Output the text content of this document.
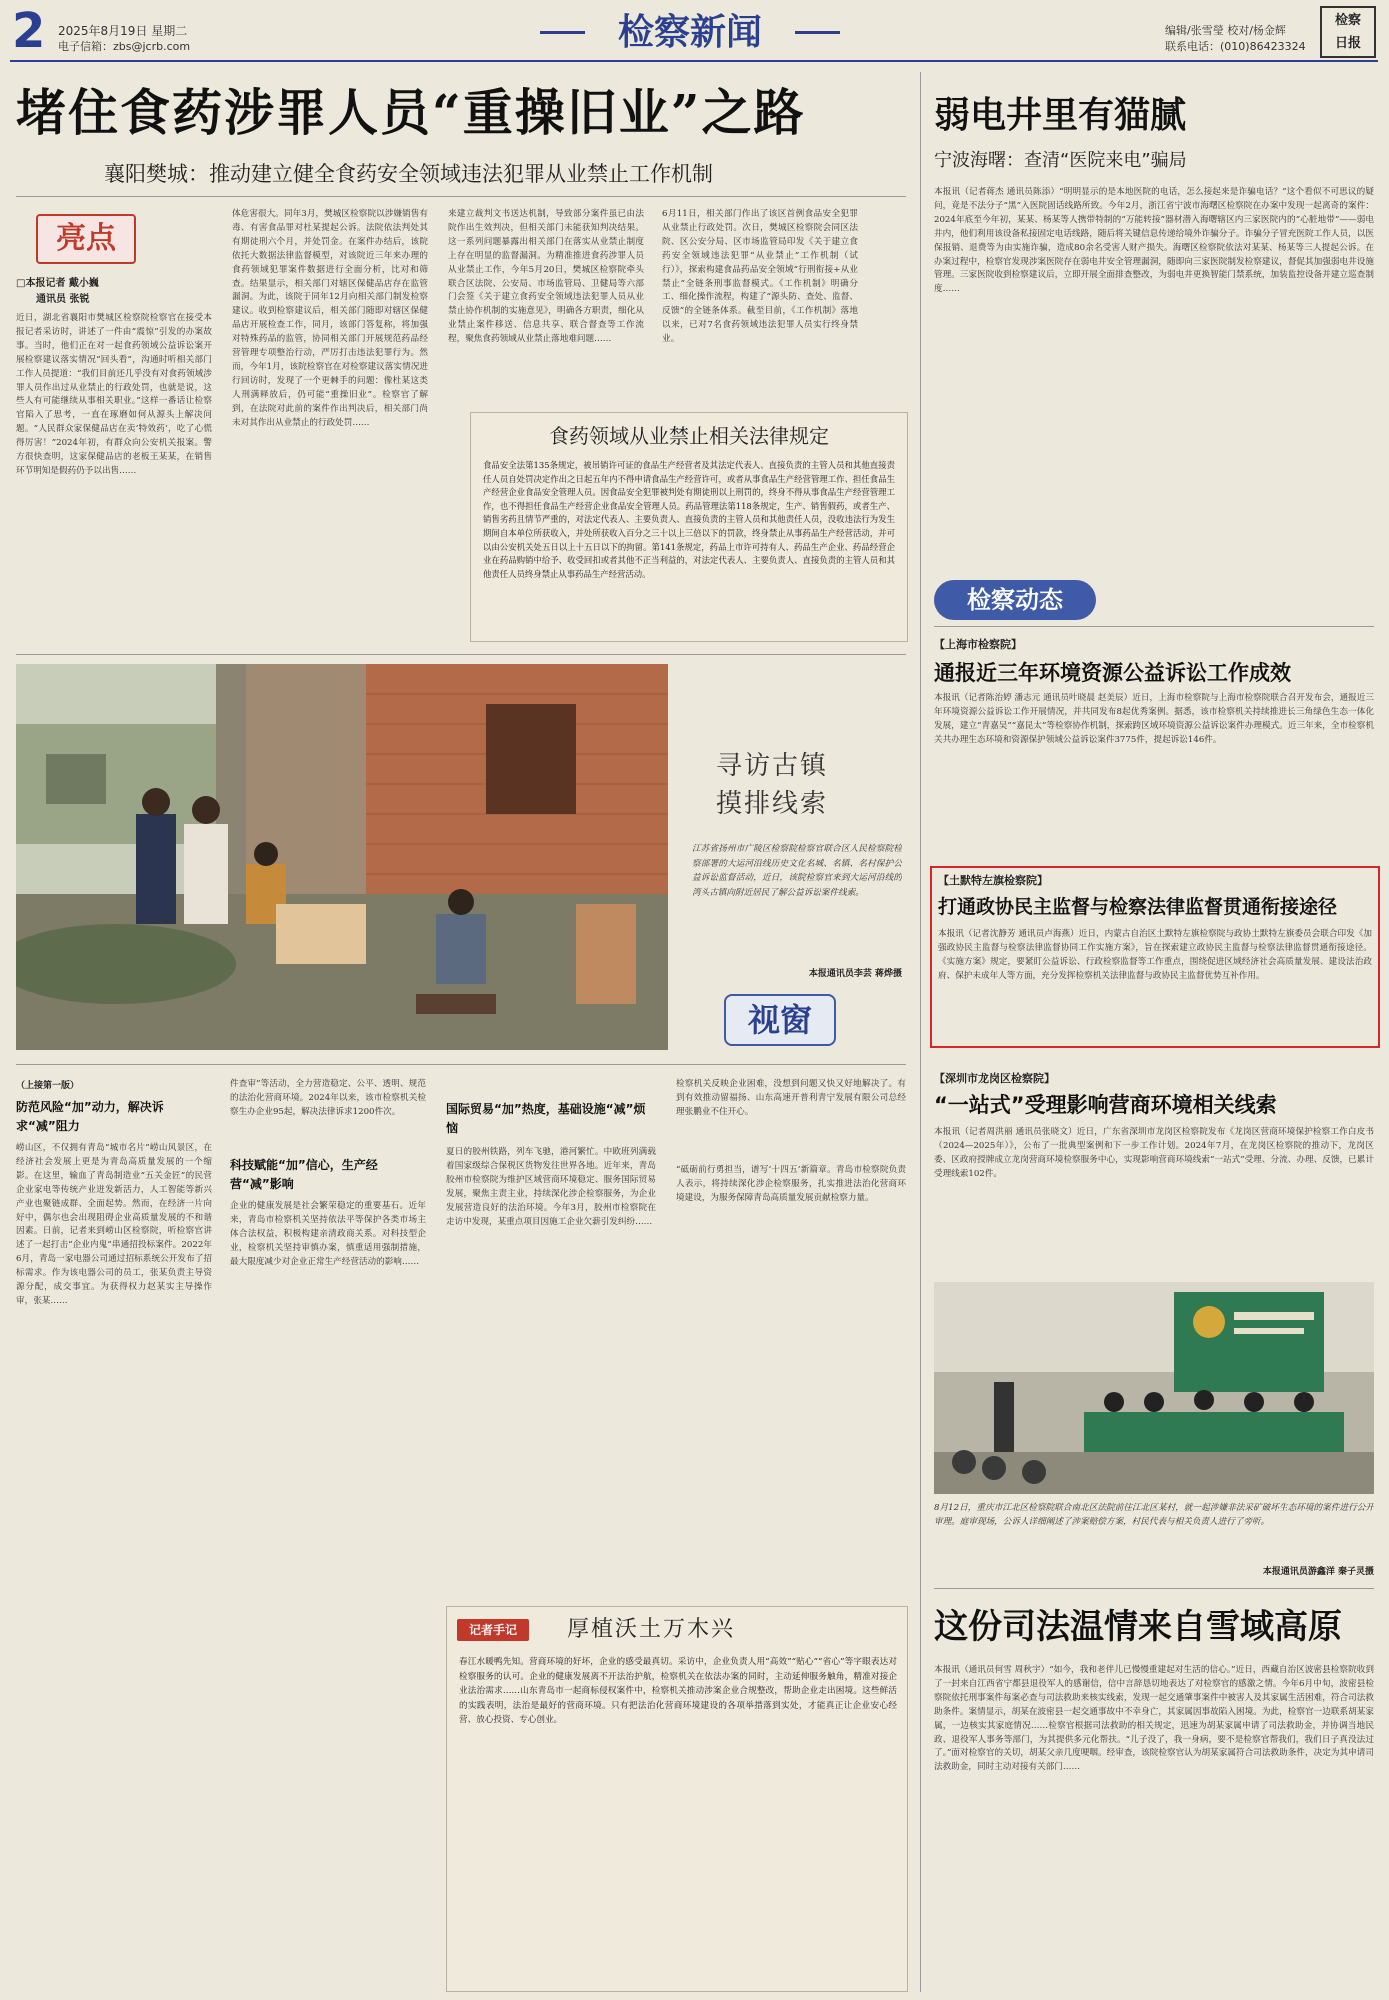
2 2025年8月19日 星期二
电子信箱：zbs@jcrb.com	检察新闻	编辑/张雪瑩 校对/杨金辉
联系电话：(010)86423324
检察日报
堵住食药涉罪人员“重操旧业”之路
襄阳樊城：推动建立健全食药安全领域违法犯罪从业禁止工作机制
亮点
□本报记者 戴小巍
通讯员 张锐
近日，湖北省襄阳市樊城区检察院检察官在接受本报记者采访时，讲述了一件由“震惊”引发的办案故事。当时，他们正在对一起食药领域公益诉讼案开展检察建议落实情况“回头看”，沟通时听相关部门工作人员提道：“我们目前还几乎没有对食药领域涉罪人员作出过从业禁止的行政处罚，也就是说，这些人有可能继续从事相关职业。”这样一番话让检察官陷入了思考，一直在琢磨如何从源头上解决问题。“人民群众家保健品店在卖‘特效药’，吃了心慌得厉害！”2024年初，有群众向公安机关报案。警方很快查明，这家保健品店的老板王某某，在销售环节明知是假药仍予以出售……
体危害很大。同年3月，樊城区检察院以涉嫌销售有毒、有害食品罪对杜某提起公诉。法院依法判处其有期徒刑六个月，并处罚金。在案件办结后，该院依托大数据法律监督模型，对该院近三年来办理的食药领域犯罪案件数据进行全面分析，比对和筛查。结果显示，相关部门对辖区保健品店存在监管漏洞。为此，该院于同年12月向相关部门制发检察建议。收到检察建议后，相关部门随即对辖区保健品店开展检查工作，同月，该部门答复称，将加强对特殊药品的监管，协同相关部门开展规范药品经营管理专项整治行动，严厉打击违法犯罪行为。然而，今年1月，该院检察官在对检察建议落实情况进行回访时，发现了一个更棘手的问题：像杜某这类人刑满释放后，仍可能“重操旧业”。检察官了解到，在法院对此前的案件作出判决后，相关部门尚未对其作出从业禁止的行政处罚……
来建立裁判文书送达机制，导致部分案件虽已由法院作出生效判决，但相关部门未能获知判决结果。这一系列问题暴露出相关部门在落实从业禁止制度上存在明显的监督漏洞。为精准推进食药涉罪人员从业禁止工作，今年5月20日，樊城区检察院牵头联合区法院、公安局、市场监管局、卫健局等六部门会签《关于建立食药安全领域违法犯罪人员从业禁止协作机制的实施意见》，明确各方职责，细化从业禁止案件移送、信息共享、联合督查等工作流程，聚焦食药领域从业禁止落地难问题……
6月11日，相关部门作出了该区首例食品安全犯罪从业禁止行政处罚。次日，樊城区检察院会同区法院、区公安分局、区市场监管局印发《关于建立食药安全领域违法犯罪“从业禁止”工作机制（试行）》，探索构建食品药品安全领域“行刑衔接+从业禁止”全链条刑事监督模式。《工作机制》明确分工、细化操作流程，构建了“源头防、查处、监督、反馈”的全链条体系。截至目前，《工作机制》落地以来，已对7名食药领域违法犯罪人员实行终身禁业。
食药领域从业禁止相关法律规定
食品安全法第135条规定，被吊销许可证的食品生产经营者及其法定代表人、直接负责的主管人员和其他直接责任人员自处罚决定作出之日起五年内不得申请食品生产经营许可，或者从事食品生产经营管理工作、担任食品生产经营企业食品安全管理人员。因食品安全犯罪被判处有期徒刑以上刑罚的，终身不得从事食品生产经营管理工作，也不得担任食品生产经营企业食品安全管理人员。药品管理法第118条规定，生产、销售假药，或者生产、销售劣药且情节严重的，对法定代表人、主要负责人、直接负责的主管人员和其他责任人员，没收违法行为发生期间自本单位所获收入，并处所获收入百分之三十以上三倍以下的罚款，终身禁止从事药品生产经营活动，并可以由公安机关处五日以上十五日以下的拘留。第141条规定，药品上市许可持有人、药品生产企业、药品经营企业在药品购销中给予、收受回扣或者其他不正当利益的，对法定代表人、主要负责人、直接负责的主管人员和其他责任人员终身禁止从事药品生产经营活动。
寻访古镇
摸排线索
江苏省扬州市广陵区检察院检察官联合区人民检察院检察部署的大运河沿线历史文化名城、名镇、名村保护公益诉讼监督活动，近日，该院检察官来到大运河沿线的湾头古镇向附近居民了解公益诉讼案件线索。
本报通讯员李芸 蒋烨摄
视窗
（上接第一版）
防范风险“加”动力，解决诉求“减”阻力
崂山区，不仅拥有青岛“城市名片”崂山风景区，在经济社会发展上更是为青岛高质量发展的一个缩影。在这里，输血了青岛制造业“五关金匠”的民营企业家电等传统产业迸发新活力，人工智能等新兴产业也聚链成群、全面起势。然而，在经济一片向好中，偶尔也会出现阻碍企业高质量发展的不和谐因素。日前，记者来到崂山区检察院，听检察官讲述了一起打击“企业内鬼”串通招投标案件。2022年6月，青岛一家电器公司通过招标系统公开发布了招标需求。作为该电器公司的员工，张某负责主导资源分配，成交事宜。为获得权力赵某实主导操作审，张某……
件查审”等活动，全力营造稳定、公平、透明、规范的法治化营商环境。2024年以来，该市检察机关检察生办企业95起，解决法律诉求1200件次。
科技赋能“加”信心，生产经营“减”影响
企业的健康发展是社会繁荣稳定的重要基石。近年来，青岛市检察机关坚持依法平等保护各类市场主体合法权益，积极构建亲清政商关系。对科技型企业，检察机关坚持审慎办案，慎重适用强制措施，最大限度减少对企业正常生产经营活动的影响……
国际贸易“加”热度，基础设施“减”烦恼
夏日的胶州铁路，列车飞驰，港河繁忙。中欧班列满载着国家级综合保税区货物发往世界各地。近年来，青岛胶州市检察院为维护区域营商环境稳定、服务国际贸易发展，聚焦主责主业，持续深化涉企检察服务，为企业发展营造良好的法治环境。今年3月，胶州市检察院在走访中发现，某重点项目因施工企业欠薪引发纠纷……
检察机关反映企业困难，没想到问题又快又好地解决了。有到有效推动留福扬、山东高速开普利青宁发展有限公司总经理张鹏业不住开心。
“砥砺前行勇担当，谱写‘十四五’新篇章。青岛市检察院负责人表示，将持续深化涉企检察服务，扎实推进法治化营商环境建设，为服务保障青岛高质量发展贡献检察力量。
记者手记	厚植沃土万木兴
春江水暖鸭先知。营商环境的好坏，企业的感受最真切。采访中，企业负责人用“高效”“贴心”“省心”等字眼表达对检察服务的认可。企业的健康发展离不开法治护航，检察机关在依法办案的同时，主动延伸服务触角，精准对接企业法治需求……山东青岛市一起商标侵权案件中，检察机关推动涉案企业合规整改，帮助企业走出困境。这些鲜活的实践表明，法治是最好的营商环境。只有把法治化营商环境建设的各项举措落到实处，才能真正让企业安心经营、放心投资、专心创业。
弱电井里有猫腻
宁波海曙：查清“医院来电”骗局
本报讯（记者蒋杰 通讯员陈添）“明明显示的是本地医院的电话，怎么接起来是诈骗电话？”这个看似不可思议的疑问，竟是不法分子“黑”入医院固话线路所致。今年2月，浙江省宁波市海曙区检察院在办案中发现一起离奇的案件：2024年底至今年初，某某、杨某等人携带特制的“万能转接”器材潜入海曙辖区内三家医院内的“心脏地带”——弱电井内，他们利用该设备私接固定电话线路，随后将关键信息传递给境外诈骗分子。诈骗分子冒充医院工作人员，以医保报销、退费等为由实施诈骗，造成80余名受害人财产损失。海曙区检察院依法对某某、杨某等三人提起公诉。在办案过程中，检察官发现涉案医院存在弱电井安全管理漏洞，随即向三家医院制发检察建议，督促其加强弱电井设施管理。三家医院收到检察建议后，立即开展全面排查整改，为弱电井更换智能门禁系统，加装监控设备并建立巡查制度……
检察动态
【上海市检察院】
通报近三年环境资源公益诉讼工作成效
本报讯（记者陈治婷 潘志元 通讯员叶晓晨 赵美辰）近日，上海市检察院与上海市检察院联合召开发布会，通报近三年环境资源公益诉讼工作开展情况，并共同发布8起优秀案例。据悉，该市检察机关持续推进长三角绿色生态一体化发展，建立“青嘉吴”“嘉昆太”等检察协作机制，探索跨区域环境资源公益诉讼案件办理模式。近三年来，全市检察机关共办理生态环境和资源保护领域公益诉讼案件3775件，提起诉讼146件。
【土默特左旗检察院】
打通政协民主监督与检察法律监督贯通衔接途径
本报讯（记者沈静芳 通讯员卢海燕）近日，内蒙古自治区土默特左旗检察院与政协土默特左旗委员会联合印发《加强政协民主监督与检察法律监督协同工作实施方案》，旨在探索建立政协民主监督与检察法律监督贯通衔接途径。《实施方案》规定，要紧盯公益诉讼、行政检察监督等工作重点，围绕促进区域经济社会高质量发展、建设法治政府、保护未成年人等方面，充分发挥检察机关法律监督与政协民主监督优势互补作用。
【深圳市龙岗区检察院】
“一站式”受理影响营商环境相关线索
本报讯（记者周洪丽 通讯员张晓文）近日，广东省深圳市龙岗区检察院发布《龙岗区营商环境保护检察工作白皮书（2024—2025年）》，公布了一批典型案例和下一步工作计划。2024年7月，在龙岗区检察院的推动下，龙岗区委、区政府授牌成立龙岗营商环境检察服务中心，实现影响营商环境线索“一站式”受理、分流、办理、反馈，已累计受理线索102件。
8月12日，重庆市江北区检察院联合南北区法院前往江北区某村，就一起涉嫌非法采矿破坏生态环境的案件进行公开审理。庭审现场，公诉人详细阐述了涉案赔偿方案，村民代表与相关负责人进行了旁听。
本报通讯员游鑫洋 秦子灵摄
这份司法温情来自雪域高原
本报讯（通讯员何雪 周秋宇）“如今，我和老伴儿已慢慢重建起对生活的信心。”近日，西藏自治区波密县检察院收到了一封来自江西省宁都县退役军人的感谢信，信中言辞恳切地表达了对检察官的感激之情。今年6月中旬，波密县检察院依托刑事案件每案必查与司法救助来核实线索，发现一起交通肇事案件中被害人及其家属生活困难，符合司法救助条件。案情显示，胡某在波密县一起交通事故中不幸身亡，其家属因事故陷入困境。为此，检察官一边联系胡某家属，一边核实其家庭情况……检察官根据司法救助的相关规定，迅速为胡某家属申请了司法救助金，并协调当地民政、退役军人事务等部门，为其提供多元化帮扶。“儿子没了，我一身病，要不是检察官帮我们，我们日子真没法过了。”面对检察官的关切，胡某父亲几度哽咽。经审查，该院检察官认为胡某家属符合司法救助条件，决定为其申请司法救助金，同时主动对接有关部门……
